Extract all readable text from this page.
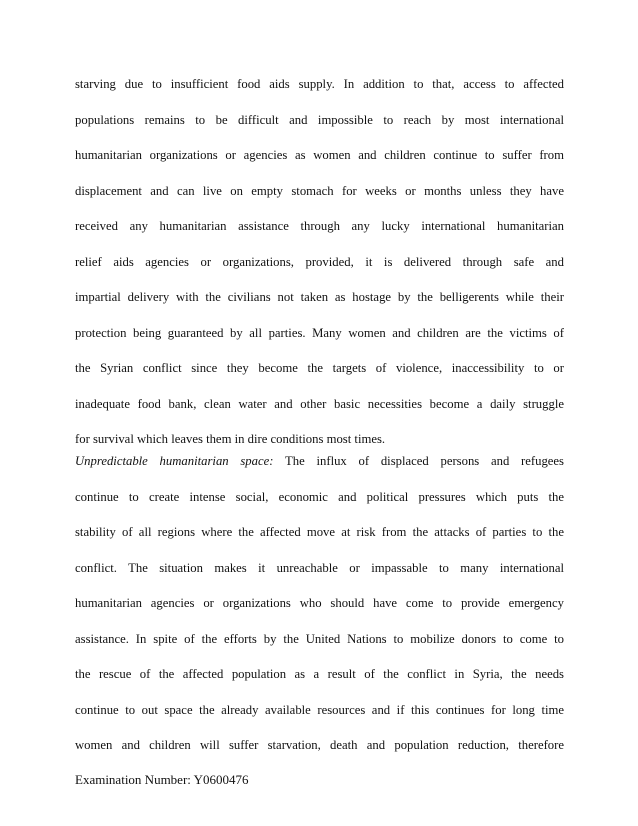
starving due to insufficient food aids supply. In addition to that, access to affected
populations remains to be difficult and impossible to reach by most international
humanitarian organizations or agencies as women and children continue to suffer from
displacement and can live on empty stomach for weeks or months unless they have
received any humanitarian assistance through any lucky international humanitarian
relief aids agencies or organizations, provided, it is delivered through safe and
impartial delivery with the civilians not taken as hostage by the belligerents while their
protection being guaranteed by all parties. Many women and children are the victims of
the Syrian conflict since they become the targets of violence, inaccessibility to or
inadequate food bank, clean water and other basic necessities become a daily struggle
for survival which leaves them in dire conditions most times.
Unpredictable humanitarian space: The influx of displaced persons and refugees
continue to create intense social, economic and political pressures which puts the
stability of all regions where the affected move at risk from the attacks of parties to the
conflict. The situation makes it unreachable or impassable to many international
humanitarian agencies or organizations who should have come to provide emergency
assistance. In spite of the efforts by the United Nations to mobilize donors to come to
the rescue of the affected population as a result of the conflict in Syria, the needs
continue to out space the already available resources and if this continues for long time
women and children will suffer starvation, death and population reduction, therefore

Examination Number: Y0600476
